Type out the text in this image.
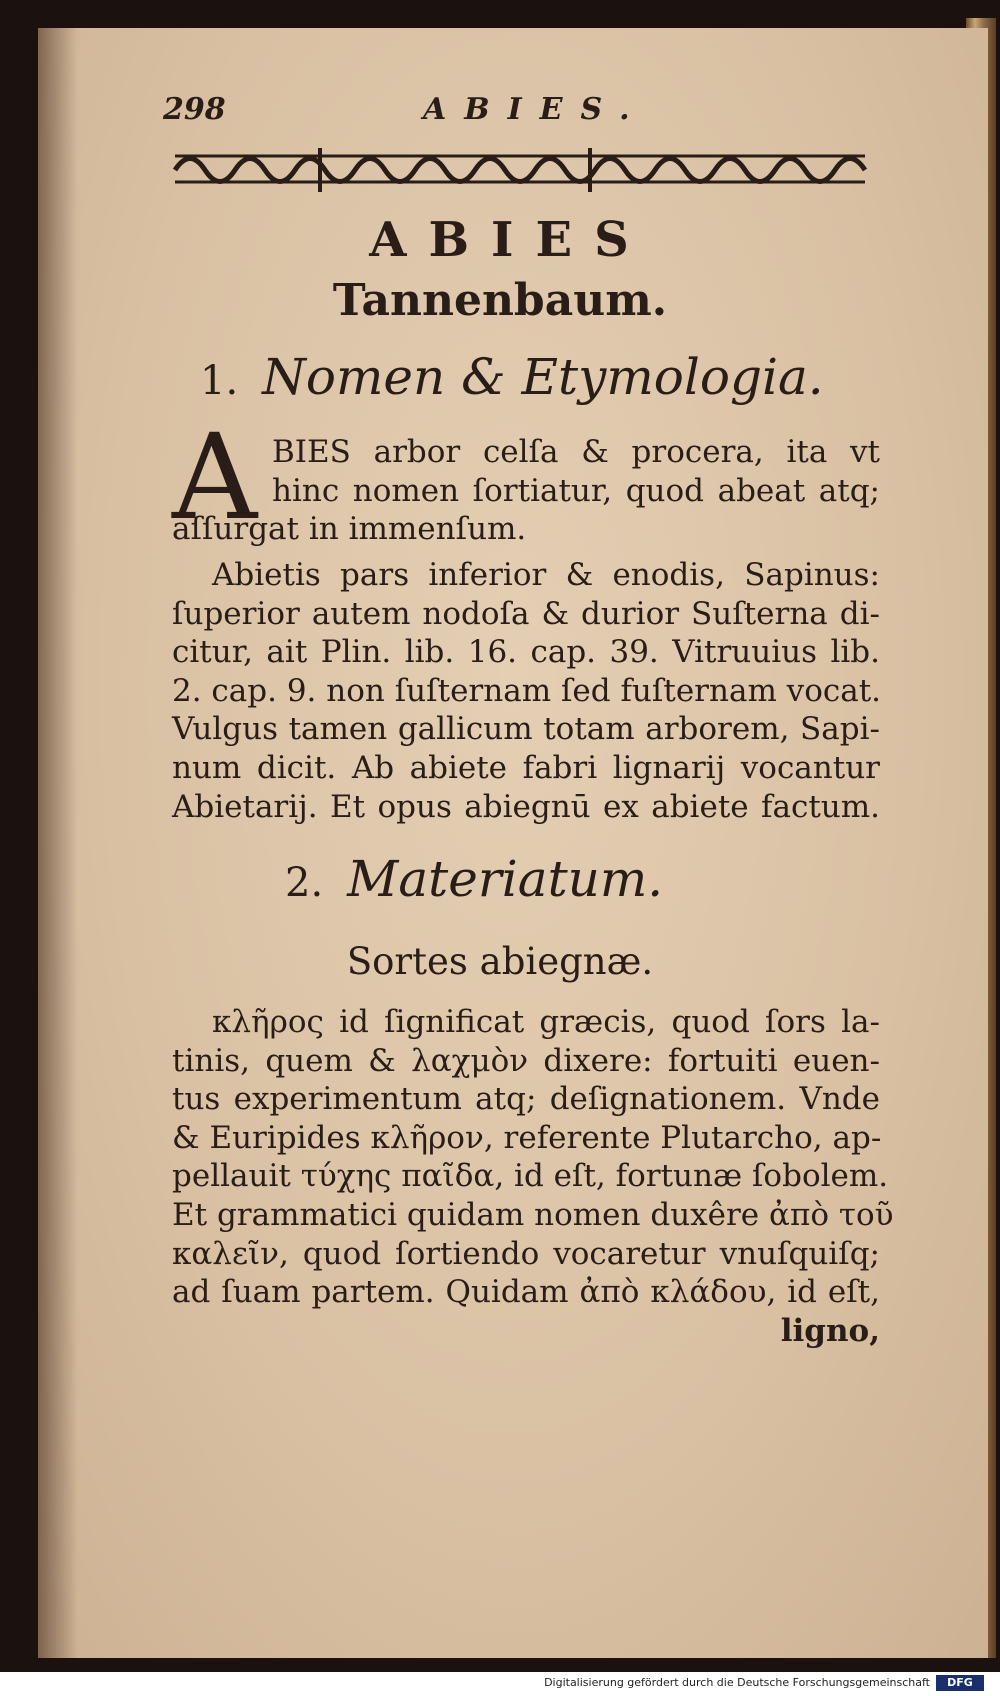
298	ABIES.
ABIES
Tannenbaum.
1. Nomen & Etymologia.
A BIES arbor celſa & procera, ita vt
hinc nomen ſortiatur, quod abeat atq;
aſſurgat in immenſum.
Abietis pars inferior & enodis, Sapinus:
ſuperior autem nodoſa & durior Suſterna di-
citur, ait Plin. lib. 16. cap. 39. Vitruuius lib.
2. cap. 9. non ſuſternam ſed fuſternam vocat.
Vulgus tamen gallicum totam arborem, Sapi-
num dicit. Ab abiete fabri lignarij vocantur
Abietarij. Et opus abiegnū ex abiete factum.
2. Materiatum.
Sortes abiegnæ.
κλῆρος id ſignificat græcis, quod ſors la-
tinis, quem & λαχμὸν dixere: fortuiti euen-
tus experimentum atq; deſignationem. Vnde
& Euripides κλῆρον, referente Plutarcho, ap-
pellauit τύχης παῖδα, id eſt, fortunæ ſobolem.
Et grammatici quidam nomen duxêre ἀπὸ τοῦ
καλεῖν, quod ſortiendo vocaretur vnuſquiſq;
ad ſuam partem. Quidam ἀπὸ κλάδου, id eſt,
ligno,
Digitalisierung gefördert durch die Deutsche Forschungsgemeinschaft	DFG
